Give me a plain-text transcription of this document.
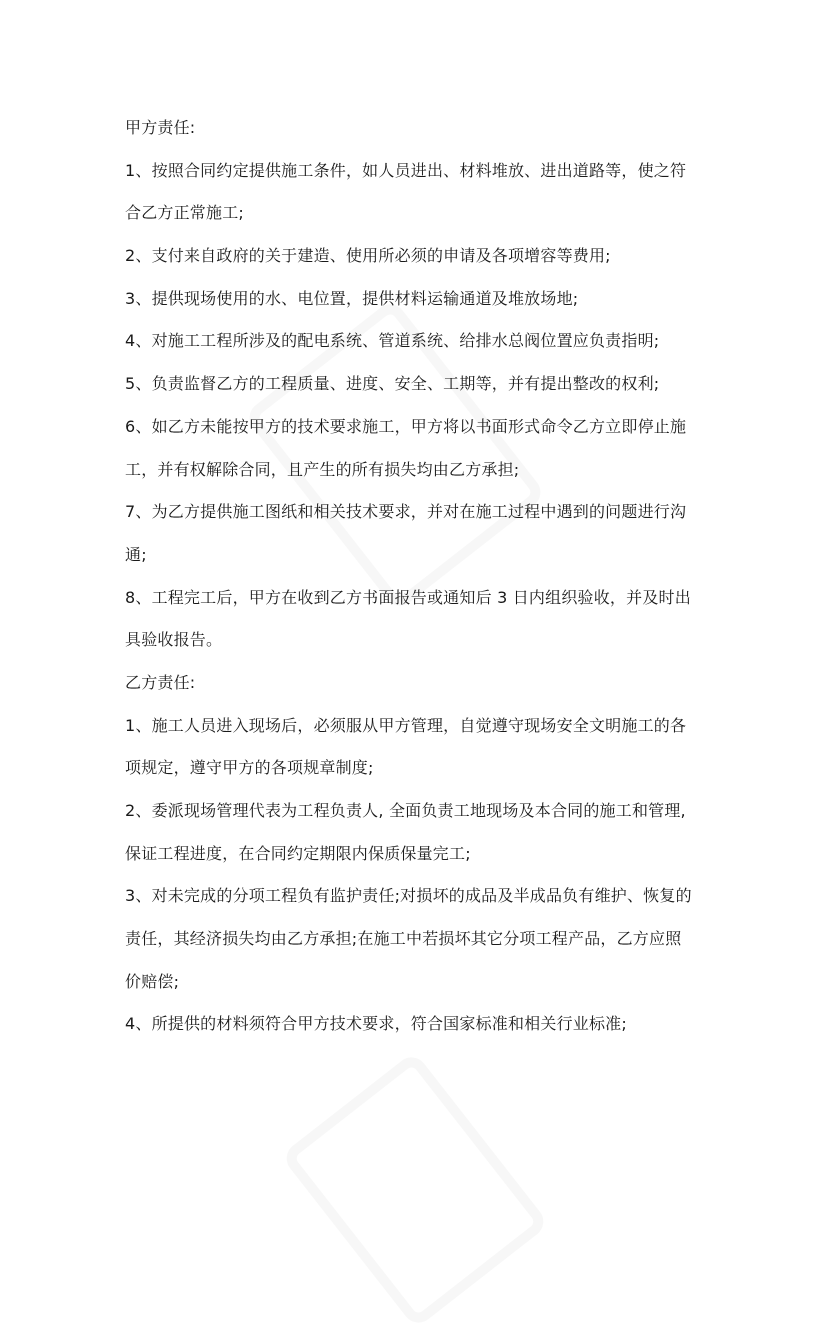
甲方责任:
1、按照合同约定提供施工条件，如人员进出、材料堆放、进出道路等，使之符
合乙方正常施工;
2、支付来自政府的关于建造、使用所必须的申请及各项增容等费用;
3、提供现场使用的水、电位置，提供材料运输通道及堆放场地;
4、对施工工程所涉及的配电系统、管道系统、给排水总阀位置应负责指明;
5、负责监督乙方的工程质量、进度、安全、工期等，并有提出整改的权利;
6、如乙方未能按甲方的技术要求施工，甲方将以书面形式命令乙方立即停止施
工，并有权解除合同，且产生的所有损失均由乙方承担;
7、为乙方提供施工图纸和相关技术要求，并对在施工过程中遇到的问题进行沟
通;
8、工程完工后，甲方在收到乙方书面报告或通知后 3 日内组织验收，并及时出
具验收报告。
乙方责任:
1、施工人员进入现场后，必须服从甲方管理，自觉遵守现场安全文明施工的各
项规定，遵守甲方的各项规章制度;
2、委派现场管理代表为工程负责人, 全面负责工地现场及本合同的施工和管理,
保证工程进度，在合同约定期限内保质保量完工;
3、对未完成的分项工程负有监护责任;对损坏的成品及半成品负有维护、恢复的
责任，其经济损失均由乙方承担;在施工中若损坏其它分项工程产品，乙方应照
价赔偿;
4、所提供的材料须符合甲方技术要求，符合国家标准和相关行业标准;
